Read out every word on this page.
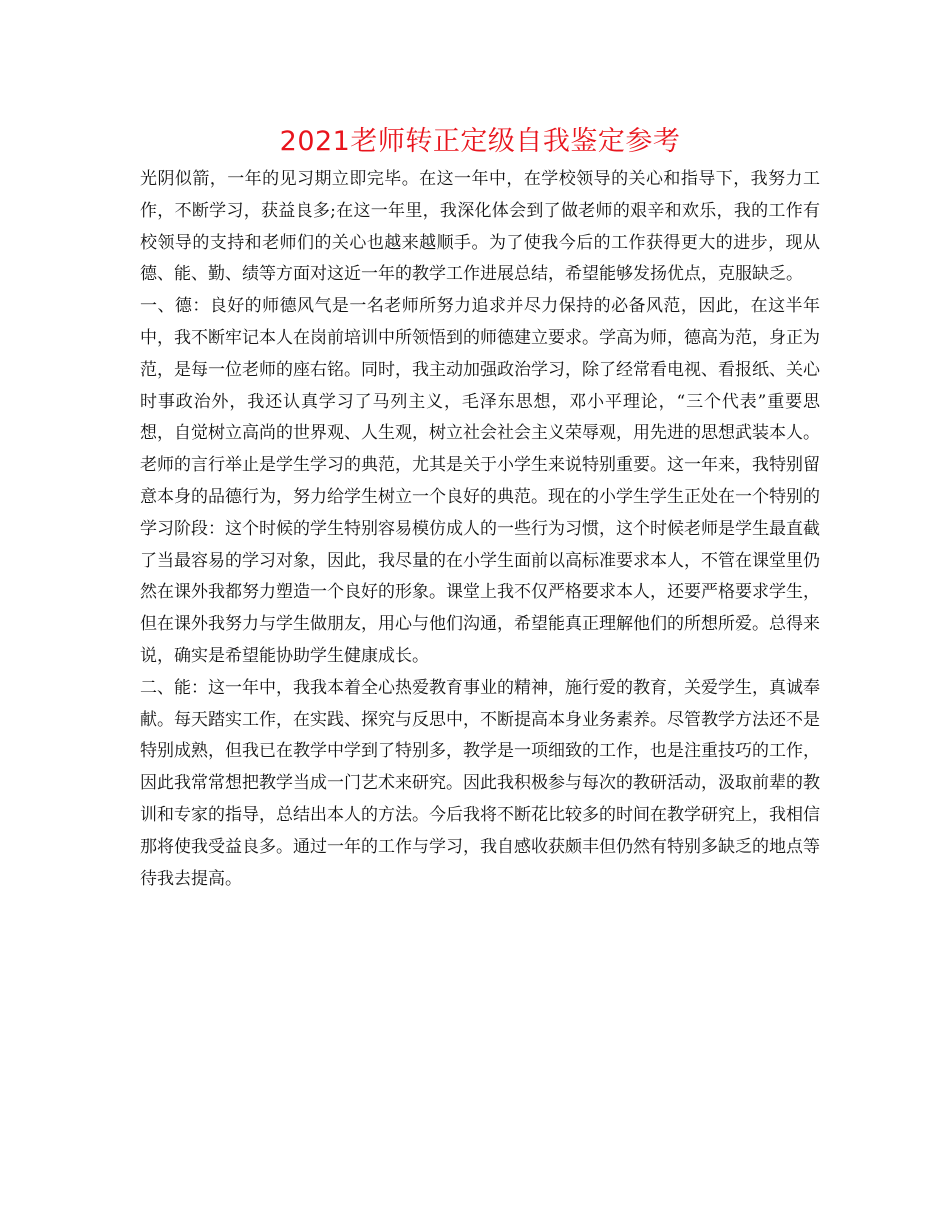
2021老师转正定级自我鉴定参考

光阴似箭，一年的见习期立即完毕。在这一年中，在学校领导的关心和指导下，我努力工作，不断学习，获益良多;在这一年里，我深化体会到了做老师的艰辛和欢乐，我的工作有校领导的支持和老师们的关心也越来越顺手。为了使我今后的工作获得更大的进步，现从德、能、勤、绩等方面对这近一年的教学工作进展总结，希望能够发扬优点，克服缺乏。

一、德：良好的师德风气是一名老师所努力追求并尽力保持的必备风范，因此，在这半年中，我不断牢记本人在岗前培训中所领悟到的师德建立要求。学高为师，德高为范，身正为范，是每一位老师的座右铭。同时，我主动加强政治学习，除了经常看电视、看报纸、关心时事政治外，我还认真学习了马列主义，毛泽东思想，邓小平理论，“三个代表”重要思想，自觉树立高尚的世界观、人生观，树立社会社会主义荣辱观，用先进的思想武装本人。

老师的言行举止是学生学习的典范，尤其是关于小学生来说特别重要。这一年来，我特别留意本身的品德行为，努力给学生树立一个良好的典范。现在的小学生学生正处在一个特别的学习阶段：这个时候的学生特别容易模仿成人的一些行为习惯，这个时候老师是学生最直截了当最容易的学习对象，因此，我尽量的在小学生面前以高标准要求本人，不管在课堂里仍然在课外我都努力塑造一个良好的形象。课堂上我不仅严格要求本人，还要严格要求学生，但在课外我努力与学生做朋友，用心与他们沟通，希望能真正理解他们的所想所爱。总得来说，确实是希望能协助学生健康成长。

二、能：这一年中，我我本着全心热爱教育事业的精神，施行爱的教育，关爱学生，真诚奉献。每天踏实工作，在实践、探究与反思中，不断提高本身业务素养。尽管教学方法还不是特别成熟，但我已在教学中学到了特别多，教学是一项细致的工作，也是注重技巧的工作，因此我常常想把教学当成一门艺术来研究。因此我积极参与每次的教研活动，汲取前辈的教训和专家的指导，总结出本人的方法。今后我将不断花比较多的时间在教学研究上，我相信那将使我受益良多。通过一年的工作与学习，我自感收获颇丰但仍然有特别多缺乏的地点等待我去提高。
